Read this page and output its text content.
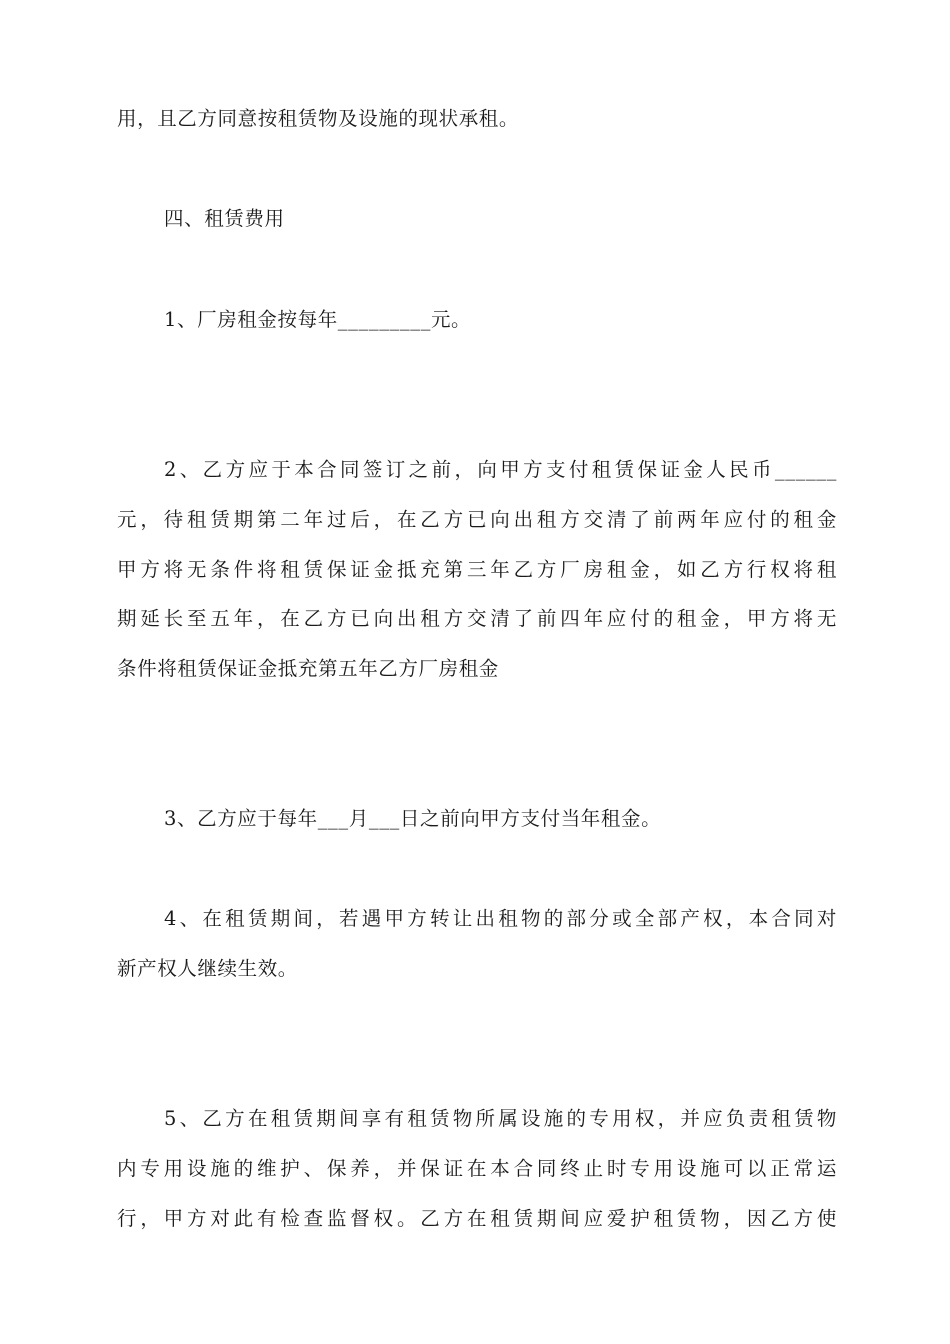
用，且乙方同意按租赁物及设施的现状承租。
四、租赁费用
1、厂房租金按每年_________元。
2、乙方应于本合同签订之前，向甲方支付租赁保证金人民币______
元，待租赁期第二年过后，在乙方已向出租方交清了前两年应付的租金
甲方将无条件将租赁保证金抵充第三年乙方厂房租金，如乙方行权将租
期延长至五年，在乙方已向出租方交清了前四年应付的租金，甲方将无
条件将租赁保证金抵充第五年乙方厂房租金
3、乙方应于每年___月___日之前向甲方支付当年租金。
4、在租赁期间，若遇甲方转让出租物的部分或全部产权，本合同对
新产权人继续生效。
5、乙方在租赁期间享有租赁物所属设施的专用权，并应负责租赁物
内专用设施的维护、保养，并保证在本合同终止时专用设施可以正常运
行，甲方对此有检查监督权。乙方在租赁期间应爱护租赁物，因乙方使
